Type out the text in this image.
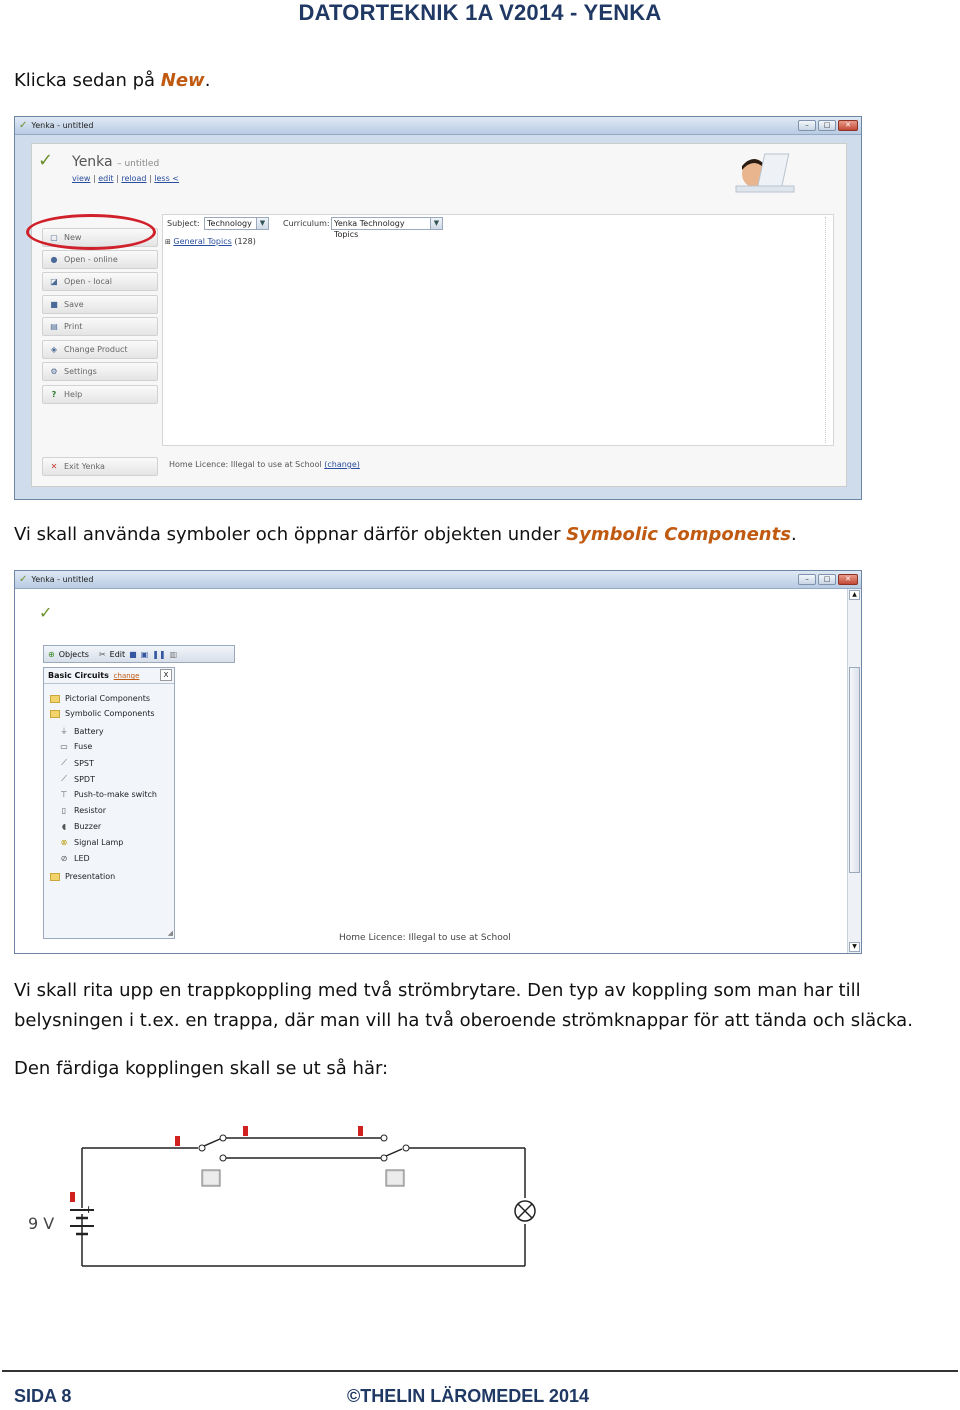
DATORTEKNIK 1A V2014 - YENKA
Klicka sedan på New.
✓ Yenka - untitled	–	□	✕
✓	Yenka – untitled
view | edit | reload | less <
▢ New
● Open - online
◪ Open - local
■ Save
▤ Print
◈ Change Product
⚙ Settings
? Help
✕ Exit Yenka
Subject: Technology	▼	Curriculum: Yenka Technology Topics
▼
⊞ General Topics (128)
Home Licence: Illegal to use at School (change)
Vi skall använda symboler och öppnar därför objekten under Symbolic Components.
✓ Yenka - untitled	–	□	✕
✓
⊕ Objects ✂ Edit ■ ▣ ❚❚ ▥
Basic Circuits change	X
Pictorial Components
Symbolic Components
⏚ Battery
▭ Fuse
⟋ SPST
⟋ SPDT
⊤ Push-to-make switch
▯ Resistor
◖ Buzzer
⊗ Signal Lamp
⊘ LED
Presentation
◢	Home Licence: Illegal to use at School
▲
▼
Vi skall rita upp en trappkoppling med två strömbrytare. Den typ av koppling som man har till
belysningen i t.ex. en trappa, där man vill ha två oberoende strömknappar för att tända och släcka.
Den färdiga kopplingen skall se ut så här:
+
9 V
SIDA 8	©THELIN LÄROMEDEL 2014
